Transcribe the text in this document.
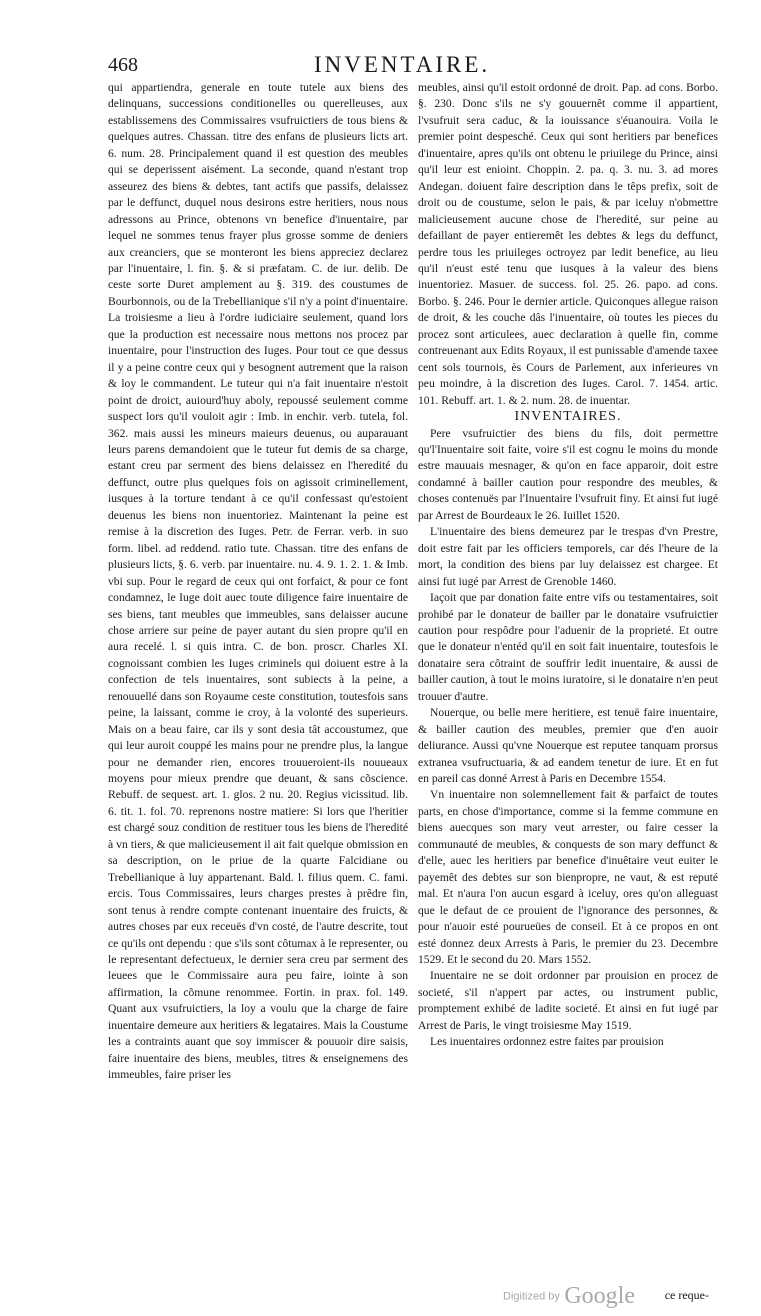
468	INVENTAIRE.

qui appartiendra, generale en toute tutele aux biens des delinquans, successions conditionelles ou querelleuses, aux establissemens des Commissaires vsufruictiers de tous biens & quelques autres. Chassan. titre des enfans de plusieurs licts art. 6. num. 28. Principalement quand il est question des meubles qui se deperissent aisément. La seconde, quand n'estant trop asseurez des biens & debtes, tant actifs que passifs, delaissez par le deffunct, duquel nous desirons estre heritiers, nous nous adressons au Prince, obtenons vn benefice d'inuentaire, par lequel ne sommes tenus frayer plus grosse somme de deniers aux creanciers, que se monteront les biens appreciez declarez par l'inuentaire, l. fin. §. & si præfatam. C. de iur. delib. De ceste sorte Duret amplement au §. 319. des coustumes de Bourbonnois, ou de la Trebellianique s'il n'y a point d'inuentaire. La troisiesme a lieu à l'ordre iudiciaire seulement, quand lors que la production est necessaire nous mettons nos procez par inuentaire, pour l'instruction des Iuges. Pour tout ce que dessus il y a peine contre ceux qui y besognent autrement que la raison & loy le commandent. Le tuteur qui n'a fait inuentaire n'estoit point de droict, auiourd'huy aboly, repoussé seulement comme suspect lors qu'il vouloit agir : Imb. in enchir. verb. tutela, fol. 362. mais aussi les mineurs maieurs deuenus, ou auparauant leurs parens demandoient que le tuteur fut demis de sa charge, estant creu par serment des biens delaissez en l'heredité du deffunct, outre plus quelques fois on agissoit criminellement, iusques à la torture tendant à ce qu'il confessast qu'estoient deuenus les biens non inuentoriez. Maintenant la peine est remise à la discretion des Iuges. Petr. de Ferrar. verb. in suo form. libel. ad reddend. ratio tute. Chassan. titre des enfans de plusieurs licts, §. 6. verb. par inuentaire. nu. 4. 9. 1. 2. 1. & Imb. vbi sup. Pour le regard de ceux qui ont forfaict, & pour ce font condamnez, le Iuge doit auec toute diligence faire inuentaire de ses biens, tant meubles que immeubles, sans delaisser aucune chose arriere sur peine de payer autant du sien propre qu'il en aura recelé. l. si quis intra. C. de bon. proscr. Charles XI. cognoissant combien les Iuges criminels qui doiuent estre à la confection de tels inuentaires, sont subiects à la peine, a renouuellé dans son Royaume ceste constitution, toutesfois sans peine, la laissant, comme ie croy, à la volonté des superieurs. Mais on a beau faire, car ils y sont desia tât accoustumez, que qui leur auroit couppé les mains pour ne prendre plus, la langue pour ne demander rien, encores trouueroient-ils nouueaux moyens pour mieux prendre que deuant, & sans cõscience. Rebuff. de sequest. art. 1. glos. 2 nu. 20. Regius vicissitud. lib. 6. tit. 1. fol. 70. reprenons nostre matiere: Si lors que l'heritier est chargé souz condition de restituer tous les biens de l'heredité à vn tiers, & que malicieusement il ait fait quelque obmission en sa description, on le priue de la quarte Falcidiane ou Trebellianique à luy appartenant. Bald. l. filius quem. C. fami. ercis. Tous Commissaires, leurs charges prestes à prêdre fin, sont tenus à rendre compte contenant inuentaire des fruicts, & autres choses par eux receuës d'vn costé, de l'autre descrite, tout ce qu'ils ont dependu : que s'ils sont côtumax à le representer, ou le representant defectueux, le dernier sera creu par serment des leuees que le Commissaire aura peu faire, iointe à son affirmation, la cõmune renommee. Fortin. in prax. fol. 149. Quant aux vsufruictiers, la loy a voulu que la charge de faire inuentaire demeure aux heritiers & legataires. Mais la Coustume les a contraints auant que soy immiscer & pouuoir dire saisis, faire inuentaire des biens, meubles, titres & enseignemens des immeubles, faire priser les

meubles, ainsi qu'il estoit ordonné de droit. Pap. ad cons. Borbo. §. 230. Donc s'ils ne s'y gouuernêt comme il appartient, l'vsufruit sera caduc, & la iouissance s'éuanouira. Voila le premier point despesché. Ceux qui sont heritiers par benefices d'inuentaire, apres qu'ils ont obtenu le priuilege du Prince, ainsi qu'il leur est enioint. Choppin. 2. pa. q. 3. nu. 3. ad mores Andegan. doiuent faire description dans le têps prefix, soit de droit ou de coustume, selon le pais, & par iceluy n'obmettre malicieusement aucune chose de l'heredité, sur peine au defaillant de payer entieremêt les debtes & legs du deffunct, perdre tous les priuileges octroyez par ledit benefice, au lieu qu'il n'eust esté tenu que iusques à la valeur des biens inuentoriez. Masuer. de success. fol. 25. 26. papo. ad cons. Borbo. §. 246. Pour le dernier article. Quiconques allegue raison de droit, & les couche dâs l'inuentaire, où toutes les pieces du procez sont articulees, auec declaration à quelle fin, comme contreuenant aux Edits Royaux, il est punissable d'amende taxee cent sols tournois, ès Cours de Parlement, aux inferieures vn peu moindre, à la discretion des Iuges. Carol. 7. 1454. artic. 101. Rebuff. art. 1. & 2. num. 28. de inuentar.

INVENTAIRES.

Pere vsufruictier des biens du fils, doit permettre qu'l'Inuentaire soit faite, voire s'il est cognu le moins du monde estre mauuais mesnager, & qu'on en face apparoir, doit estre condamné à bailler caution pour respondre des meubles, & choses contenuës par l'Inuentaire l'vsufruit finy. Et ainsi fut iugé par Arrest de Bourdeaux le 26. Iuillet 1520.

L'inuentaire des biens demeurez par le trespas d'vn Prestre, doit estre fait par les officiers temporels, car dés l'heure de la mort, la condition des biens par luy delaissez est chargee. Et ainsi fut iugé par Arrest de Grenoble 1460.

Iaçoit que par donation faite entre vifs ou testamentaires, soit prohibé par le donateur de bailler par le donataire vsufruictier caution pour respôdre pour l'aduenir de la proprieté. Et outre que le donateur n'entéd qu'il en soit fait inuentaire, toutesfois le donataire sera côtraint de souffrir ledit inuentaire, & aussi de bailler caution, à tout le moins iuratoire, si le donataire n'en peut trouuer d'autre.

Nouerque, ou belle mere heritiere, est tenuë faire inuentaire, & bailler caution des meubles, premier que d'en auoir deliurance. Aussi qu'vne Nouerque est reputee tanquam prorsus extranea vsufructuaria, & ad eandem tenetur de iure. Et en fut en pareil cas donné Arrest à Paris en Decembre 1554.

Vn inuentaire non solemnellement fait & parfaict de toutes parts, en chose d'importance, comme si la femme commune en biens auecques son mary veut arrester, ou faire cesser la communauté de meubles, & conquests de son mary deffunct & d'elle, auec les heritiers par benefice d'inuêtaire veut euiter le payemêt des debtes sur son bienpropre, ne vaut, & est reputé mal. Et n'aura l'on aucun esgard à iceluy, ores qu'on alleguast que le defaut de ce prouient de l'ignorance des personnes, & pour n'auoir esté pourueües de conseil. Et à ce propos en ont esté donnez deux Arrests à Paris, le premier du 23. Decembre 1529. Et le second du 20. Mars 1552.

Inuentaire ne se doit ordonner par prouision en procez de societé, s'il n'appert par actes, ou instrument public, promptement exhibé de ladite societé. Et ainsi en fut iugé par Arrest de Paris, le vingt troisiesme May 1519.

Les inuentaires ordonnez estre faites par prouision

ce reque-
Digitized by Google
